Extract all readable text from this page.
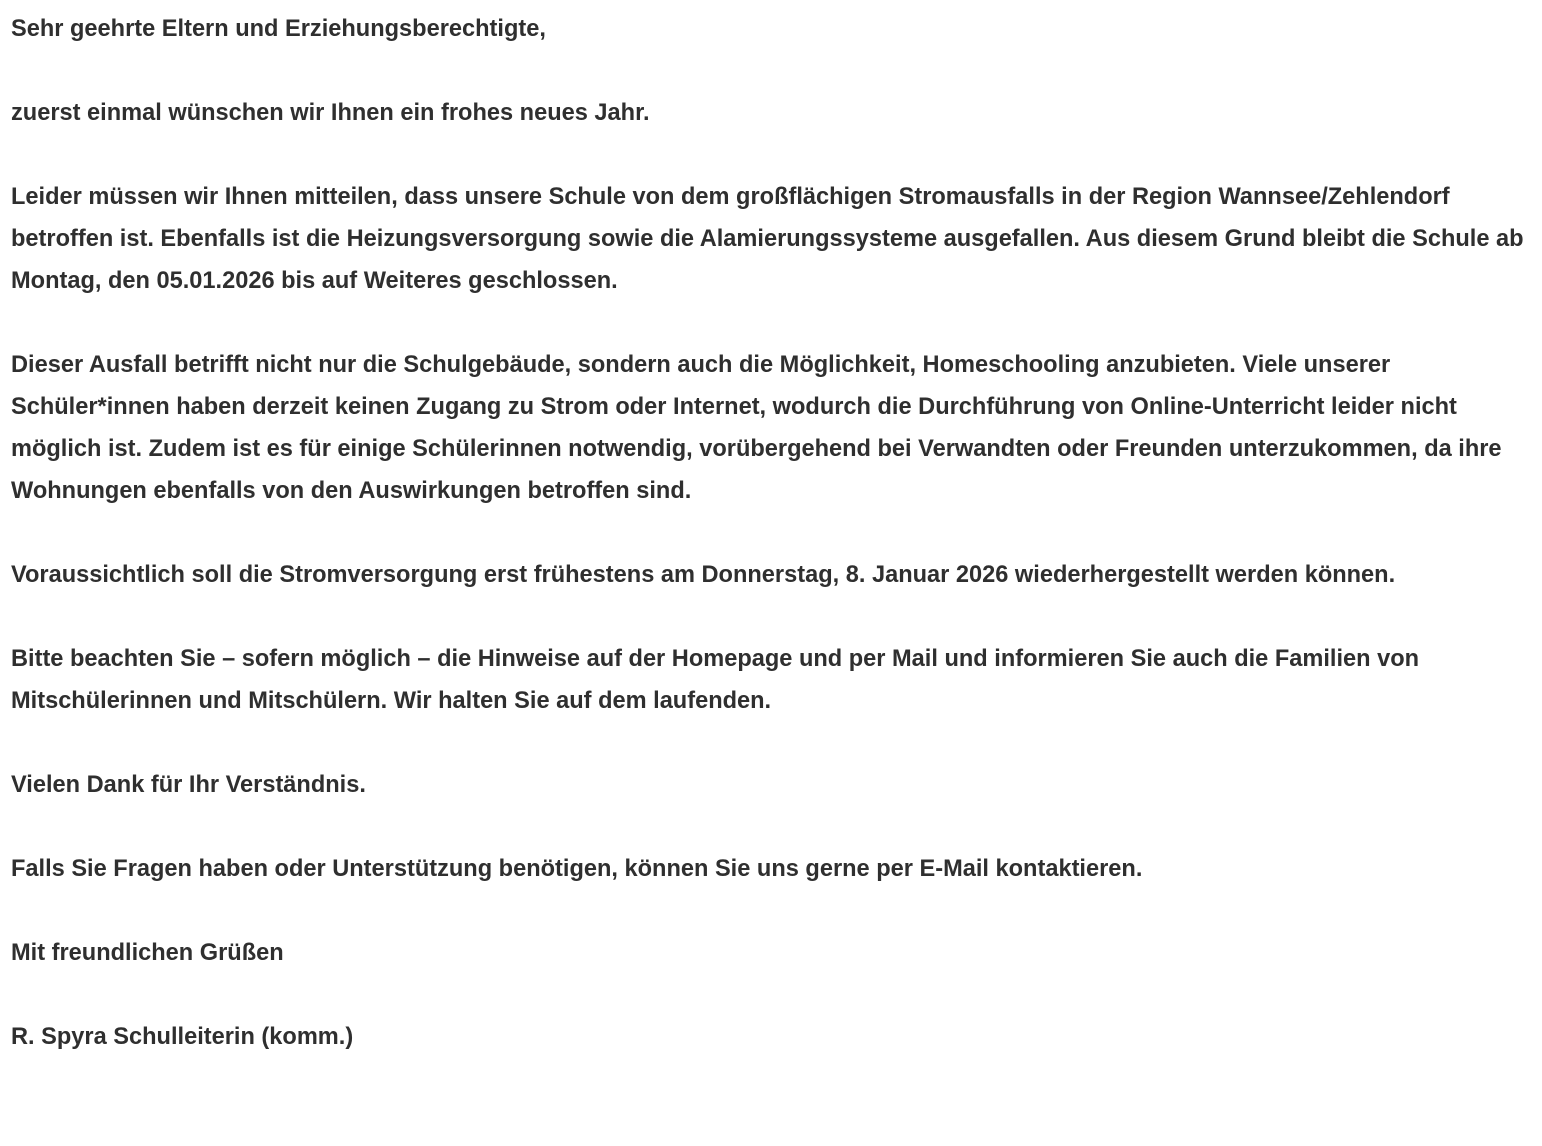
Sehr geehrte Eltern und Erziehungsberechtigte,

zuerst einmal wünschen wir Ihnen ein frohes neues Jahr.

Leider müssen wir Ihnen mitteilen, dass unsere Schule von dem großflächigen Stromausfalls in der Region Wannsee/Zehlendorf betroffen ist. Ebenfalls ist die Heizungsversorgung sowie die Alamierungssysteme ausgefallen. Aus diesem Grund bleibt die Schule ab Montag, den 05.01.2026 bis auf Weiteres geschlossen.

Dieser Ausfall betrifft nicht nur die Schulgebäude, sondern auch die Möglichkeit, Homeschooling anzubieten. Viele unserer Schüler*innen haben derzeit keinen Zugang zu Strom oder Internet, wodurch die Durchführung von Online-Unterricht leider nicht möglich ist. Zudem ist es für einige Schülerinnen notwendig, vorübergehend bei Verwandten oder Freunden unterzukommen, da ihre Wohnungen ebenfalls von den Auswirkungen betroffen sind.

Voraussichtlich soll die Stromversorgung erst frühestens am Donnerstag, 8. Januar 2026 wiederhergestellt werden können.

Bitte beachten Sie – sofern möglich – die Hinweise auf der Homepage und per Mail und informieren Sie auch die Familien von Mitschülerinnen und Mitschülern. Wir halten Sie auf dem laufenden.

Vielen Dank für Ihr Verständnis.

Falls Sie Fragen haben oder Unterstützung benötigen, können Sie uns gerne per E-Mail kontaktieren.

Mit freundlichen Grüßen

R. Spyra Schulleiterin (komm.)
